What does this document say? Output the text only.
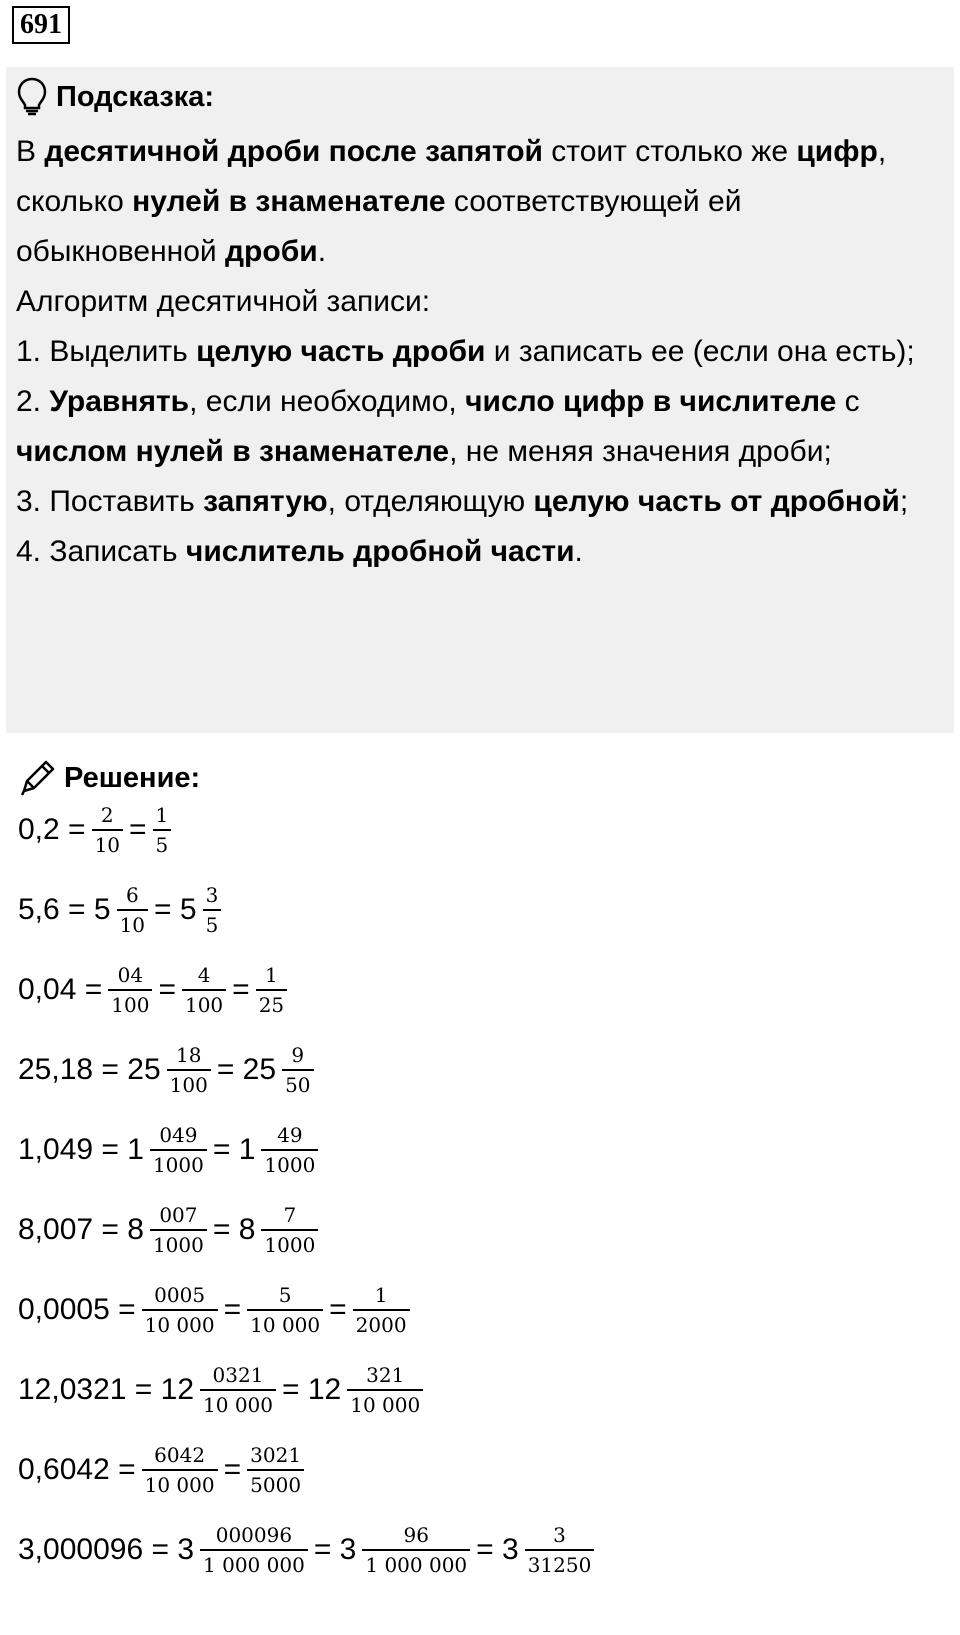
691
Подсказка:

В десятичной дроби после запятой стоит столько же цифр, сколько нулей в знаменателе соответствующей ей обыкновенной дроби.

Алгоритм десятичной записи:

1. Выделить целую часть дроби и записать ее (если она есть);

2. Уравнять, если необходимо, число цифр в числителе с числом нулей в знаменателе, не меняя значения дроби;

3. Поставить запятую, отделяющую целую часть от дробной;

4. Записать числитель дробной части.

Решение:
$0,2 = \frac{2}{10} = \frac{1}{5}$
$5,6 = 5 \frac{6}{10} = 5 \frac{3}{5}$
$0,04 = \frac{04}{100} = \frac{4}{100} = \frac{1}{25}$
$25,18 = 25 \frac{18}{100} = 25 \frac{9}{50}$
$1,049 = 1 \frac{049}{1000} = 1 \frac{49}{1000}$
$8,007 = 8 \frac{007}{1000} = 8 \frac{7}{1000}$
$0,0005 = \frac{0005}{10 000} = \frac{5}{10 000} = \frac{1}{2000}$
$12,0321 = 12 \frac{0321}{10 000} = 12 \frac{321}{10 000}$
$0,6042 = \frac{6042}{10 000} = \frac{3021}{5000}$
$3,000096 = 3 \frac{000096}{1 000 000} = 3 \frac{96}{1 000 000} = 3 \frac{3}{31250}$
